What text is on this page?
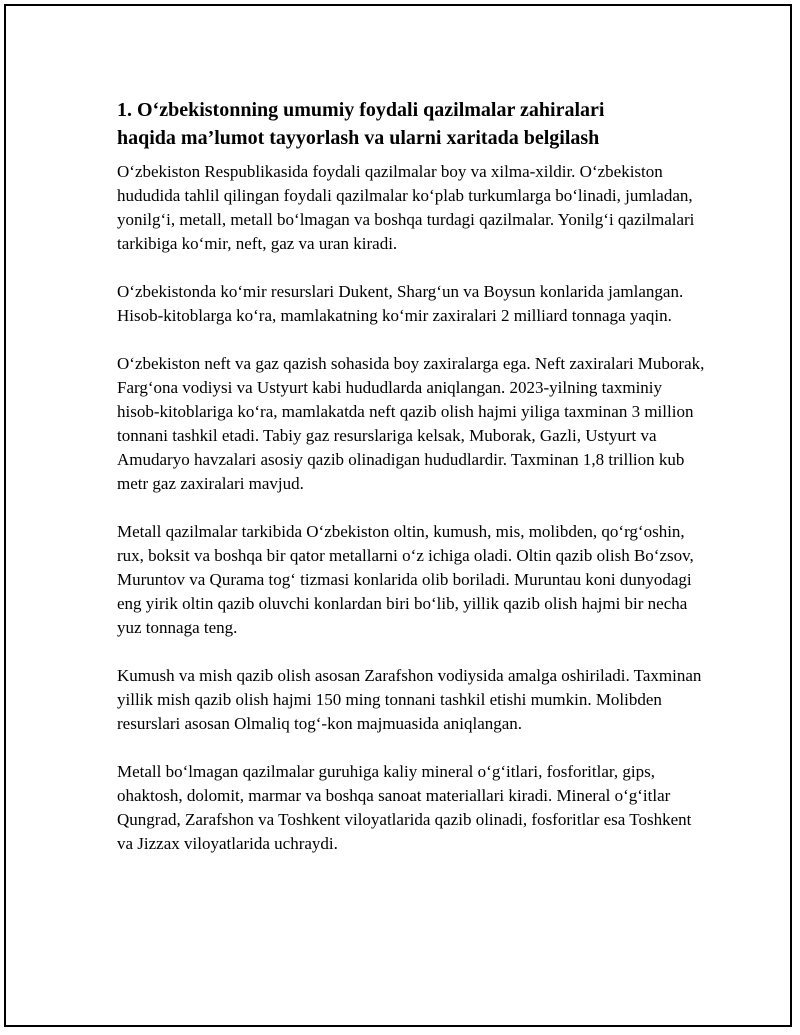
1. O‘zbekistonning umumiy foydali qazilmalar zahiralari
haqida ma’lumot tayyorlash va ularni xaritada belgilash

O‘zbekiston Respublikasida foydali qazilmalar boy va xilma-xildir. O‘zbekiston hududida tahlil qilingan foydali qazilmalar ko‘plab turkumlarga bo‘linadi, jumladan, yonilg‘i, metall, metall bo‘lmagan va boshqa turdagi qazilmalar. Yonilg‘i qazilmalari tarkibiga ko‘mir, neft, gaz va uran kiradi.

O‘zbekistonda ko‘mir resurslari Dukent, Sharg‘un va Boysun konlarida jamlangan. Hisob-kitoblarga ko‘ra, mamlakatning ko‘mir zaxiralari 2 milliard tonnaga yaqin.

O‘zbekiston neft va gaz qazish sohasida boy zaxiralarga ega. Neft zaxiralari Muborak, Farg‘ona vodiysi va Ustyurt kabi hududlarda aniqlangan. 2023-yilning taxminiy hisob-kitoblariga ko‘ra, mamlakatda neft qazib olish hajmi yiliga taxminan 3 million tonnani tashkil etadi. Tabiy gaz resurslariga kelsak, Muborak, Gazli, Ustyurt va Amudaryo havzalari asosiy qazib olinadigan hududlardir. Taxminan 1,8 trillion kub metr gaz zaxiralari mavjud.

Metall qazilmalar tarkibida O‘zbekiston oltin, kumush, mis, molibden, qo‘rg‘oshin, rux, boksit va boshqa bir qator metallarni o‘z ichiga oladi. Oltin qazib olish Bo‘zsov, Muruntov va Qurama tog‘ tizmasi konlarida olib boriladi. Muruntau koni dunyodagi eng yirik oltin qazib oluvchi konlardan biri bo‘lib, yillik qazib olish hajmi bir necha yuz tonnaga teng.

Kumush va mish qazib olish asosan Zarafshon vodiysida amalga oshiriladi. Taxminan yillik mish qazib olish hajmi 150 ming tonnani tashkil etishi mumkin. Molibden resurslari asosan Olmaliq tog‘-kon majmuasida aniqlangan.

Metall bo‘lmagan qazilmalar guruhiga kaliy mineral o‘g‘itlari, fosforitlar, gips, ohaktosh, dolomit, marmar va boshqa sanoat materiallari kiradi. Mineral o‘g‘itlar Qungrad, Zarafshon va Toshkent viloyatlarida qazib olinadi, fosforitlar esa Toshkent va Jizzax viloyatlarida uchraydi.
